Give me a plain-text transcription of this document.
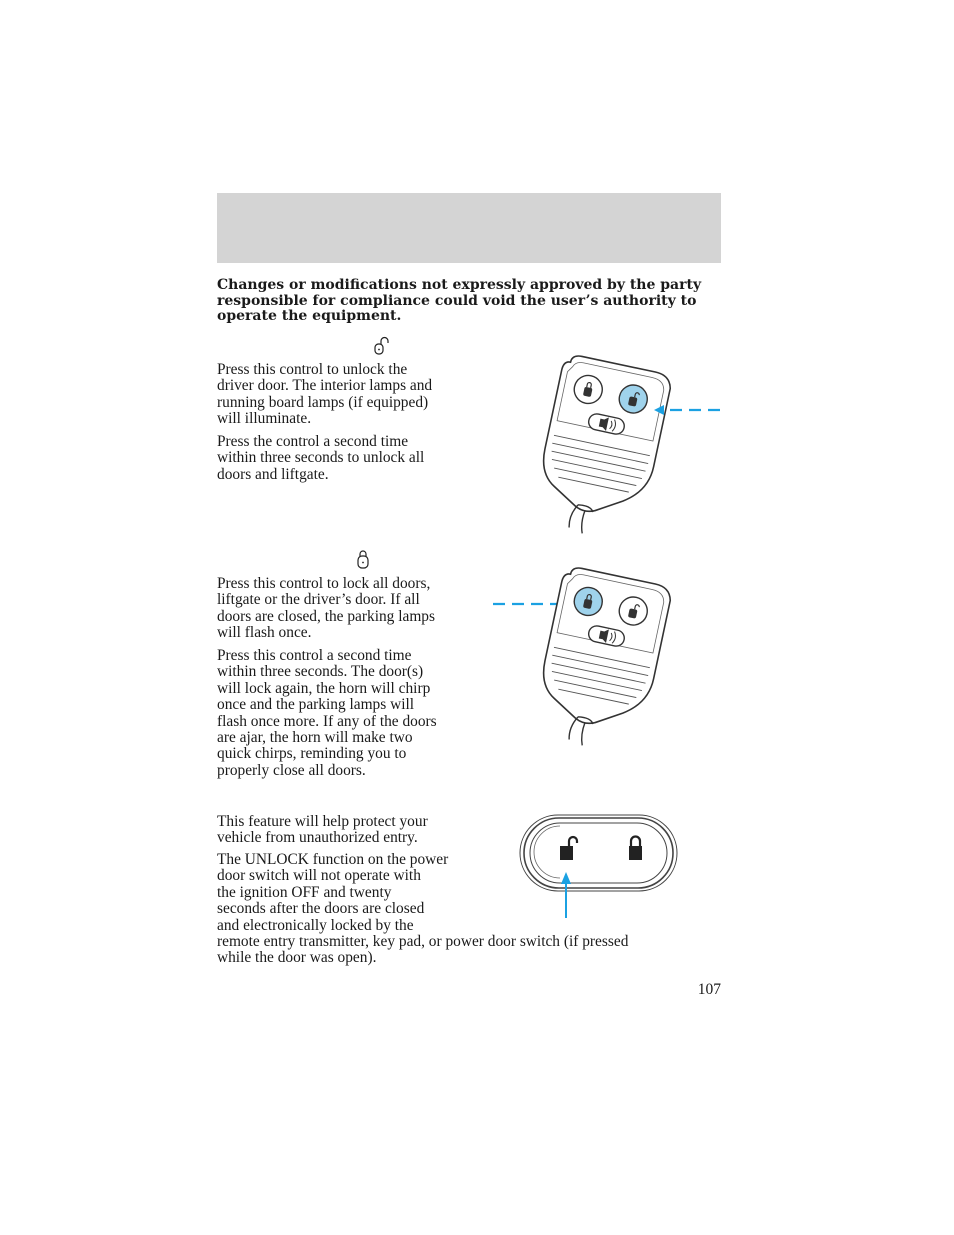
Changes or modifications not expressly approved by the party responsible for compliance could void the user’s authority to operate the equipment.

Press this control to unlock the
driver door. The interior lamps and
running board lamps (if equipped)
will illuminate.

Press the control a second time
within three seconds to unlock all
doors and liftgate.

Press this control to lock all doors,
liftgate or the driver’s door. If all
doors are closed, the parking lamps
will flash once.

Press this control a second time
within three seconds. The door(s)
will lock again, the horn will chirp
once and the parking lamps will
flash once more. If any of the doors
are ajar, the horn will make two
quick chirps, reminding you to
properly close all doors.

This feature will help protect your
vehicle from unauthorized entry.

The UNLOCK function on the power
door switch will not operate with
the ignition OFF and twenty
seconds after the doors are closed
and electronically locked by the
remote entry transmitter, key pad, or power door switch (if pressed
while the door was open).

107
